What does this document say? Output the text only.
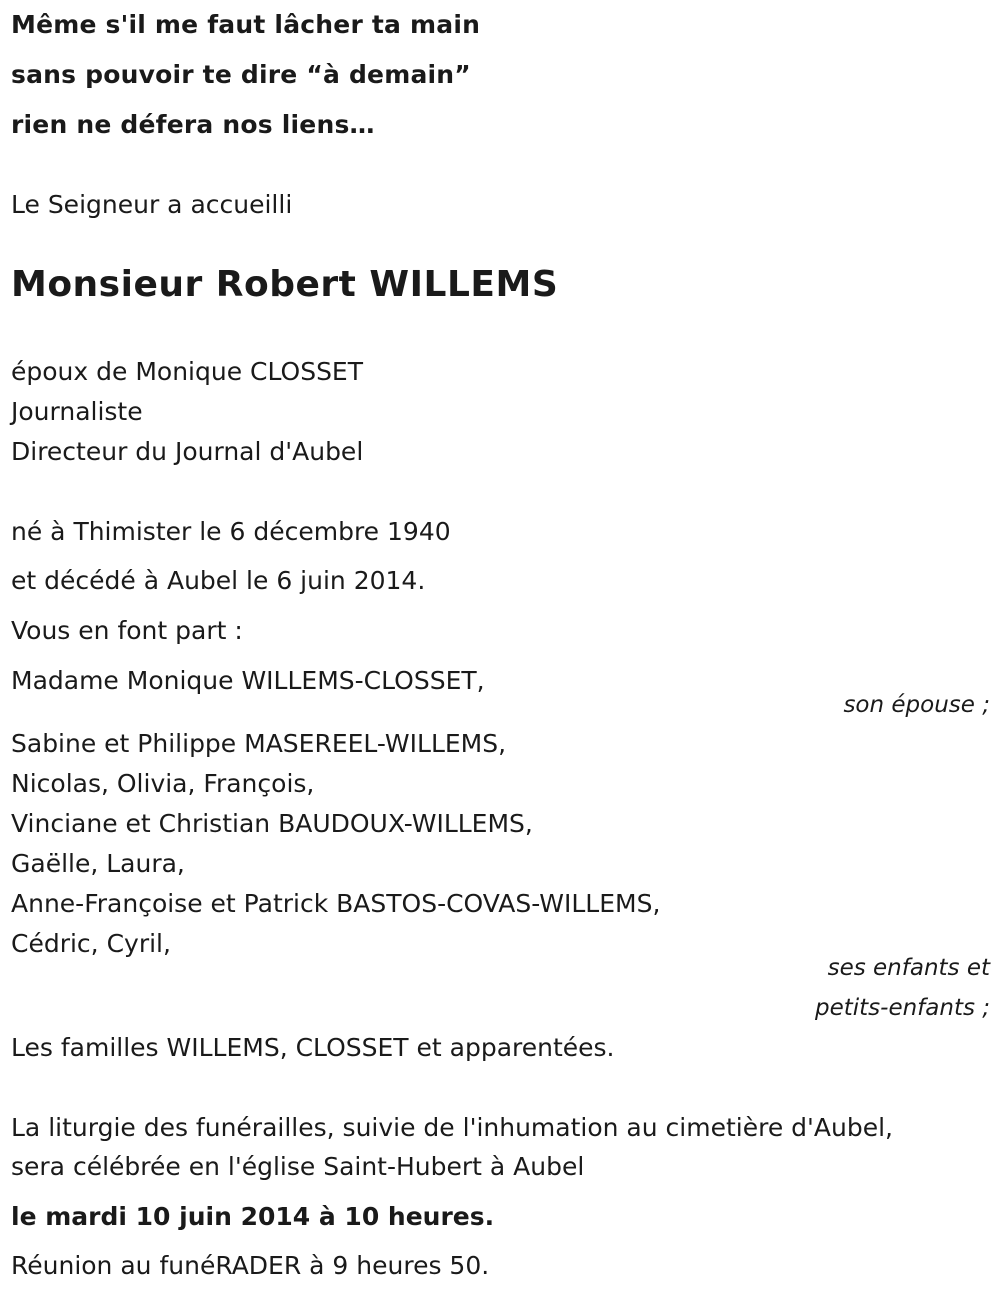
Même s'il me faut lâcher ta main
sans pouvoir te dire “à demain”
rien ne défera nos liens…
Le Seigneur a accueilli
Monsieur Robert WILLEMS
époux de Monique CLOSSET
Journaliste
Directeur du Journal d'Aubel
né à Thimister le 6 décembre 1940
et décédé à Aubel le 6 juin 2014.
Vous en font part :
Madame Monique WILLEMS-CLOSSET,
son épouse ;
Sabine et Philippe MASEREEL-WILLEMS,
Nicolas, Olivia, François,
Vinciane et Christian BAUDOUX-WILLEMS,
Gaëlle, Laura,
Anne-Françoise et Patrick BASTOS-COVAS-WILLEMS,
Cédric, Cyril,
ses enfants et
petits-enfants ;
Les familles WILLEMS, CLOSSET et apparentées.
La liturgie des funérailles, suivie de l'inhumation au cimetière d'Aubel,
sera célébrée en l'église Saint-Hubert à Aubel
le mardi 10 juin 2014 à 10 heures.
Réunion au funéRADER à 9 heures 50.
